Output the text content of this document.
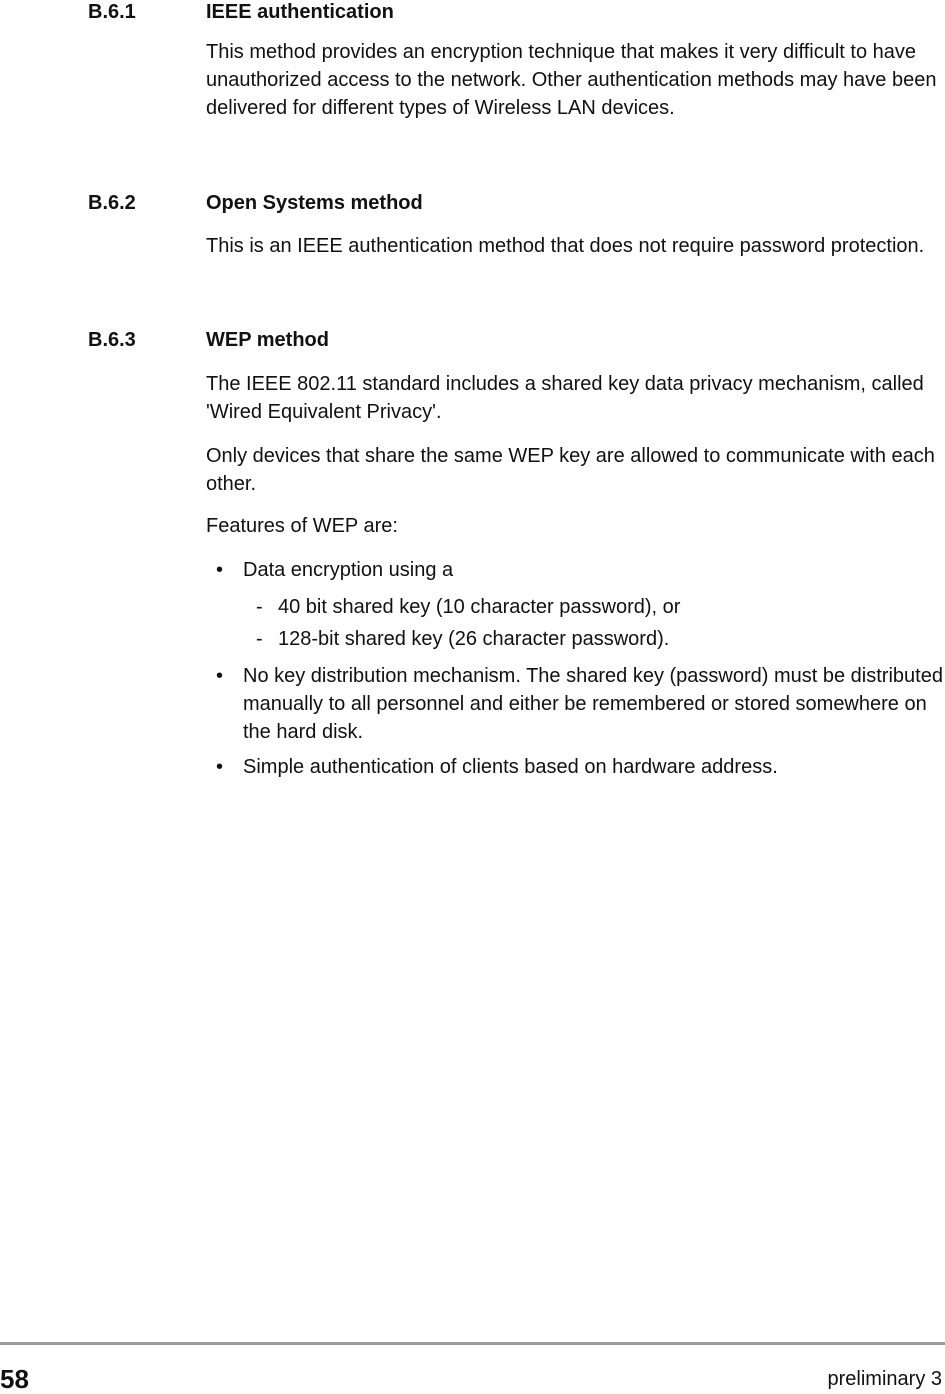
B.6.1	IEEE authentication

This method provides an encryption technique that makes it very difficult to have unauthorized access to the network. Other authentication methods may have been delivered for different types of Wireless LAN devices.

B.6.2	Open Systems method

This is an IEEE authentication method that does not require password protection.

B.6.3	WEP method

The IEEE 802.11 standard includes a shared key data privacy mechanism, called 'Wired Equivalent Privacy'.

Only devices that share the same WEP key are allowed to communicate with each other.

Features of WEP are:

• Data encryption using a

- 40 bit shared key (10 character password), or

- 128-bit shared key (26 character password).

• No key distribution mechanism. The shared key (password) must be distributed manually to all personnel and either be remembered or stored somewhere on the hard disk.

• Simple authentication of clients based on hardware address.

58	preliminary 3
